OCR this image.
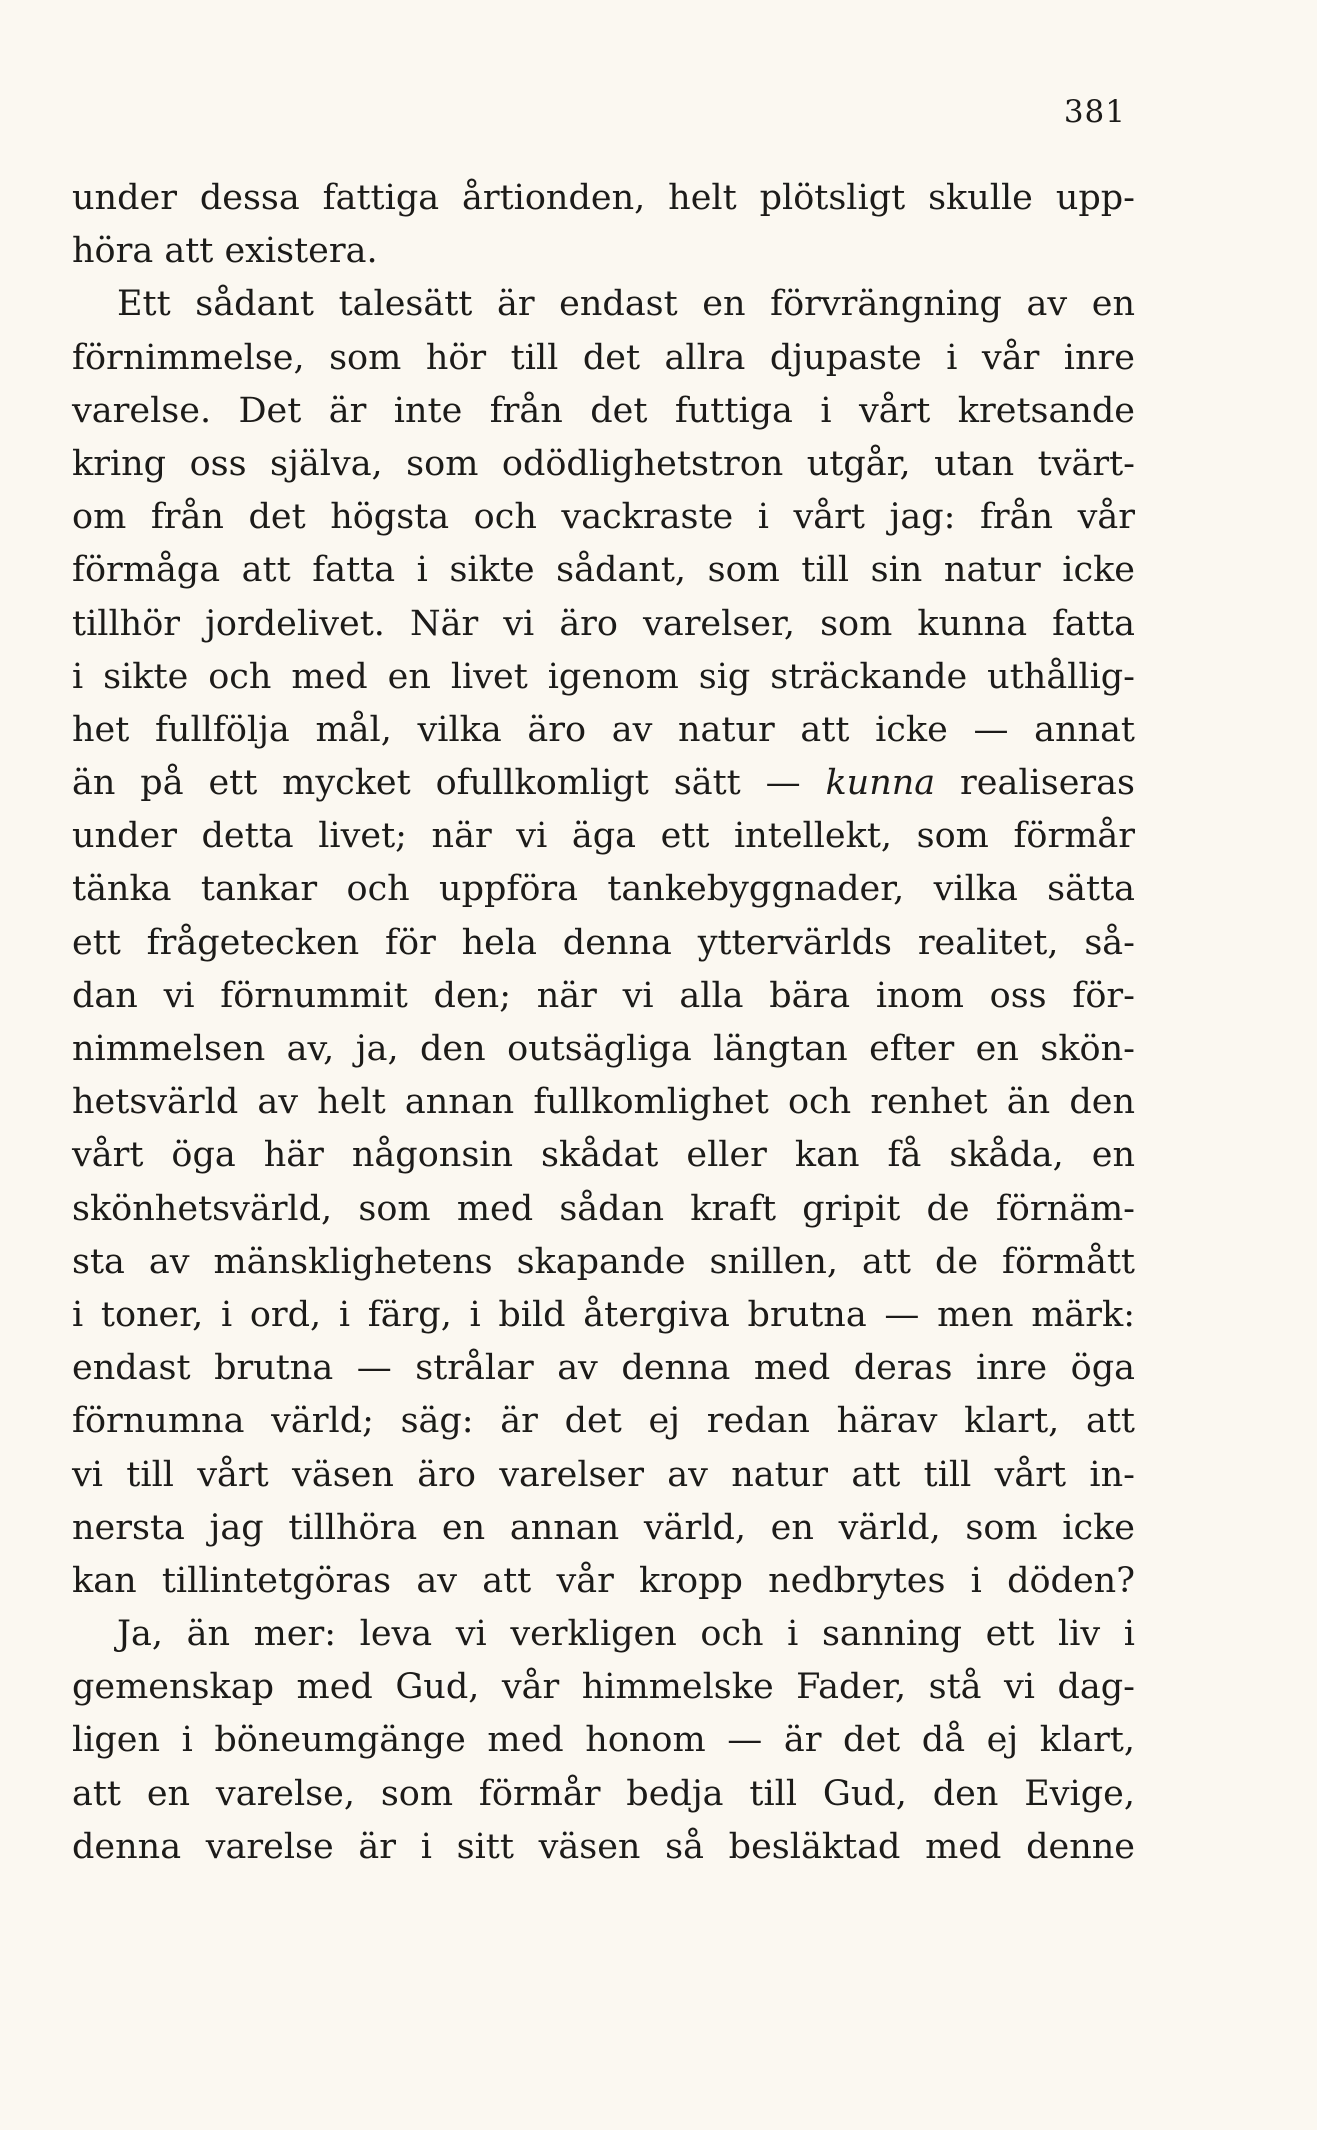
381
under dessa fattiga årtionden, helt plötsligt skulle upp-
höra att existera.
Ett sådant talesätt är endast en förvrängning av en
förnimmelse, som hör till det allra djupaste i vår inre
varelse. Det är inte från det futtiga i vårt kretsande
kring oss själva, som odödlighetstron utgår, utan tvärt-
om från det högsta och vackraste i vårt jag: från vår
förmåga att fatta i sikte sådant, som till sin natur icke
tillhör jordelivet. När vi äro varelser, som kunna fatta
i sikte och med en livet igenom sig sträckande uthållig-
het fullfölja mål, vilka äro av natur att icke — annat
än på ett mycket ofullkomligt sätt — kunna realiseras
under detta livet; när vi äga ett intellekt, som förmår
tänka tankar och uppföra tankebyggnader, vilka sätta
ett frågetecken för hela denna yttervärlds realitet, så-
dan vi förnummit den; när vi alla bära inom oss för-
nimmelsen av, ja, den outsägliga längtan efter en skön-
hetsvärld av helt annan fullkomlighet och renhet än den
vårt öga här någonsin skådat eller kan få skåda, en
skönhetsvärld, som med sådan kraft gripit de förnäm-
sta av mänsklighetens skapande snillen, att de förmått
i toner, i ord, i färg, i bild återgiva brutna — men märk:
endast brutna — strålar av denna med deras inre öga
förnumna värld; säg: är det ej redan härav klart, att
vi till vårt väsen äro varelser av natur att till vårt in-
nersta jag tillhöra en annan värld, en värld, som icke
kan tillintetgöras av att vår kropp nedbrytes i döden?
Ja, än mer: leva vi verkligen och i sanning ett liv i
gemenskap med Gud, vår himmelske Fader, stå vi dag-
ligen i böneumgänge med honom — är det då ej klart,
att en varelse, som förmår bedja till Gud, den Evige,
denna varelse är i sitt väsen så besläktad med denne
